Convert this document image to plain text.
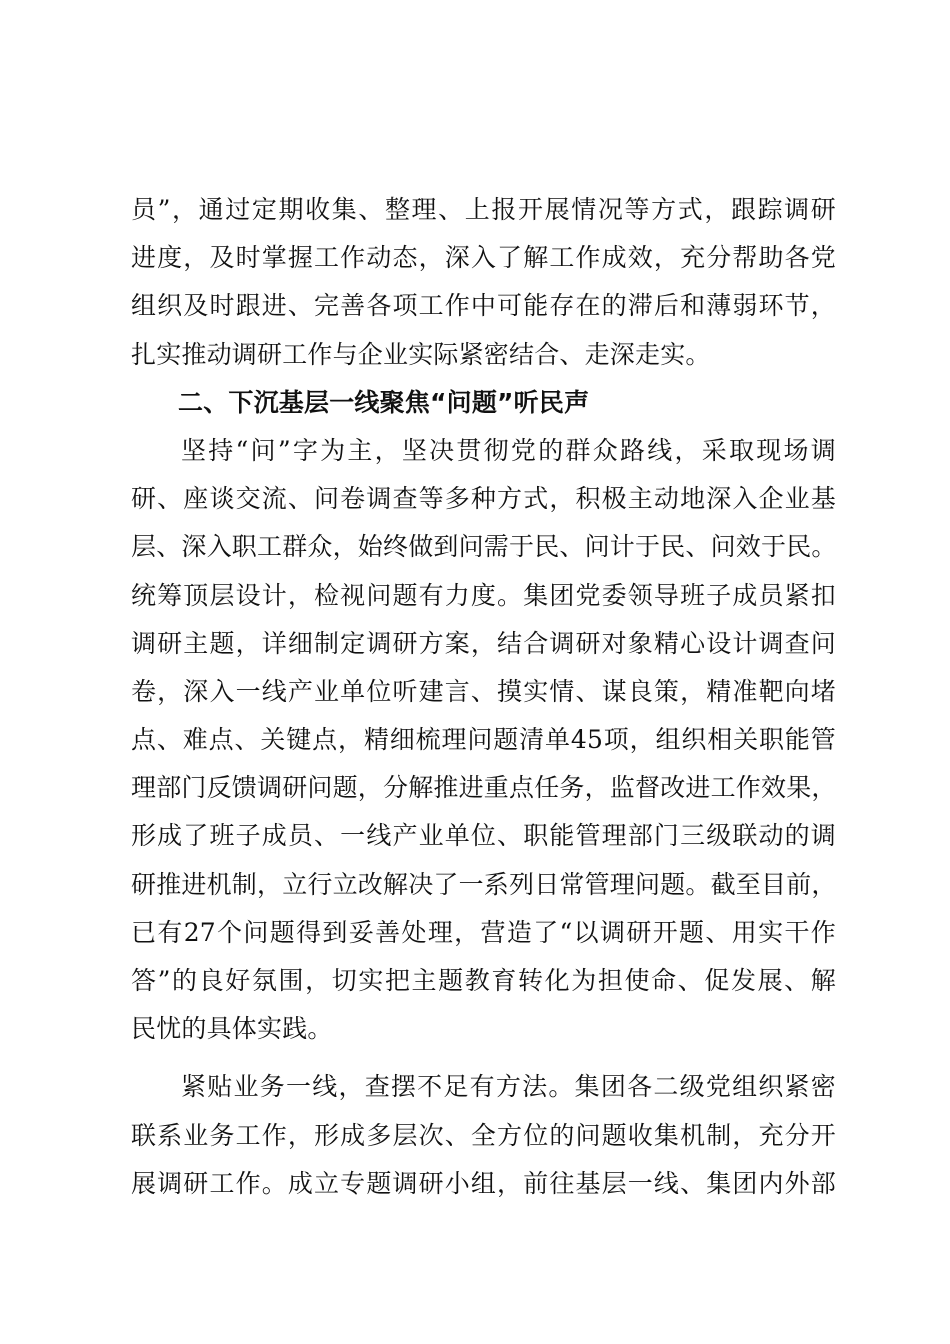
员”，通过定期收集、整理、上报开展情况等方式，跟踪调研
进度，及时掌握工作动态，深入了解工作成效，充分帮助各党
组织及时跟进、完善各项工作中可能存在的滞后和薄弱环节，
扎实推动调研工作与企业实际紧密结合、走深走实。
二、下沉基层一线聚焦“问题”听民声
坚持“问”字为主，坚决贯彻党的群众路线，采取现场调
研、座谈交流、问卷调查等多种方式，积极主动地深入企业基
层、深入职工群众，始终做到问需于民、问计于民、问效于民。
统筹顶层设计，检视问题有力度。集团党委领导班子成员紧扣
调研主题，详细制定调研方案，结合调研对象精心设计调查问
卷，深入一线产业单位听建言、摸实情、谋良策，精准靶向堵
点、难点、关键点，精细梳理问题清单45项，组织相关职能管
理部门反馈调研问题，分解推进重点任务，监督改进工作效果，
形成了班子成员、一线产业单位、职能管理部门三级联动的调
研推进机制，立行立改解决了一系列日常管理问题。截至目前，
已有27个问题得到妥善处理，营造了“以调研开题、用实干作
答”的良好氛围，切实把主题教育转化为担使命、促发展、解
民忧的具体实践。
紧贴业务一线，查摆不足有方法。集团各二级党组织紧密
联系业务工作，形成多层次、全方位的问题收集机制，充分开
展调研工作。成立专题调研小组，前往基层一线、集团内外部
